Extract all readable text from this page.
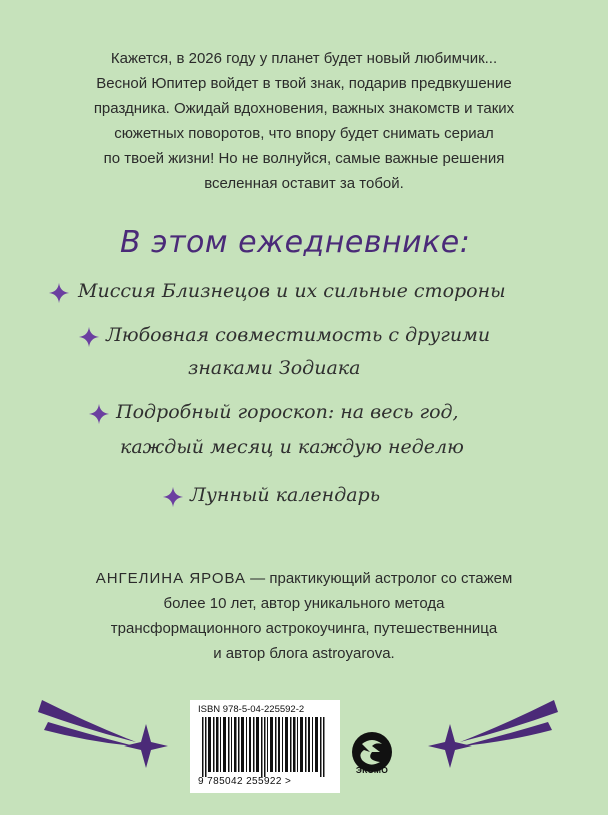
Кажется, в 2026 году у планет будет новый любимчик...
Весной Юпитер войдет в твой знак, подарив предвкушение
праздника. Ожидай вдохновения, важных знакомств и таких
сюжетных поворотов, что впору будет снимать сериал
по твоей жизни! Но не волнуйся, самые важные решения
вселенная оставит за тобой.
В этом ежедневнике:
Миссия Близнецов и их сильные стороны
Любовная совместимость с другими
знаками Зодиака
Подробный гороскоп: на весь год,
каждый месяц и каждую неделю
Лунный календарь
АНГЕЛИНА ЯРОВА — практикующий астролог со стажем
более 10 лет, автор уникального метода
трансформационного астрокоучинга, путешественница
и автор блога astroyarova.
ISBN 978-5-04-225592-2
9 785042 255922 >
ЭКСМО
